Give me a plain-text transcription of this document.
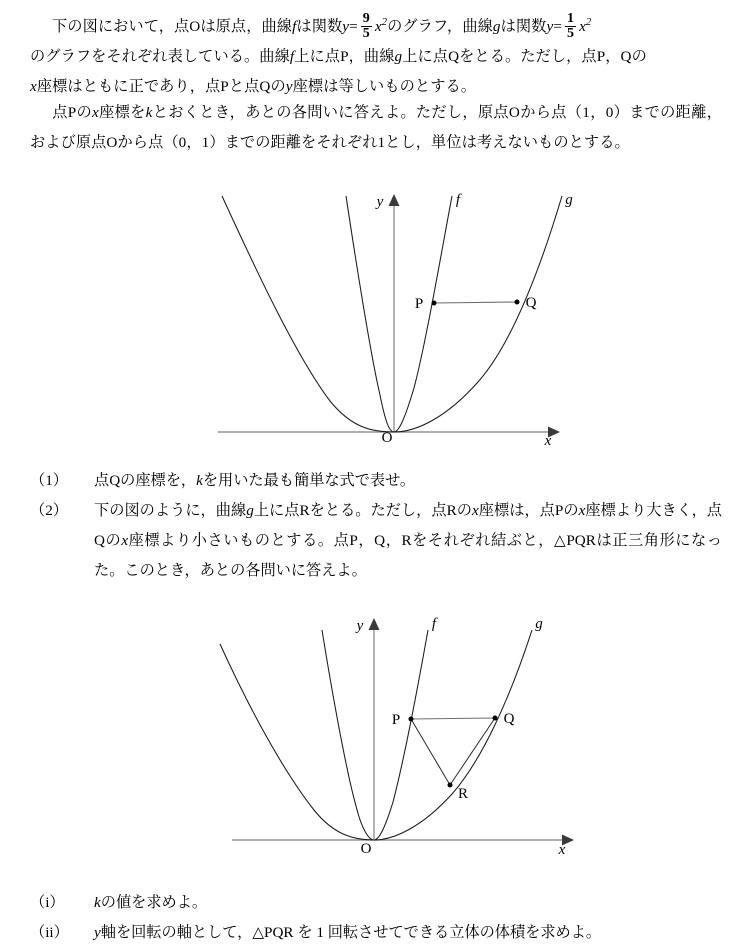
下の図において，点Oは原点，曲線fは関数$y= \frac{9}{5} x^2$のグラフ，曲線gは関数$y= \frac{1}{5} x^2$
のグラフをそれぞれ表している。曲線f上に点P，曲線g上に点Qをとる。ただし，点P，Qの
x座標はともに正であり，点Pと点Qのy座標は等しいものとする。
点Pのx座標をkとおくとき，あとの各問いに答えよ。ただし，原点Oから点（1，0）までの距離，および原点Oから点（0，1）までの距離をそれぞれ1とし，単位は考えないものとする。
P	Q
O
y
x
f	g
（1）	点Qの座標を，kを用いた最も簡単な式で表せ。
（2）	下の図のように，曲線g上に点Rをとる。ただし，点Rのx座標は，点Pのx座標より大きく，点Qのx座標より小さいものとする。点P，Q，Rをそれぞれ結ぶと，△PQRは正三角形になった。このとき，あとの各問いに答えよ。
P	Q
R
O
y
x
f	g
（i）	kの値を求めよ。
（ii）	y軸を回転の軸として，△PQR を 1 回転させてできる立体の体積を求めよ。
